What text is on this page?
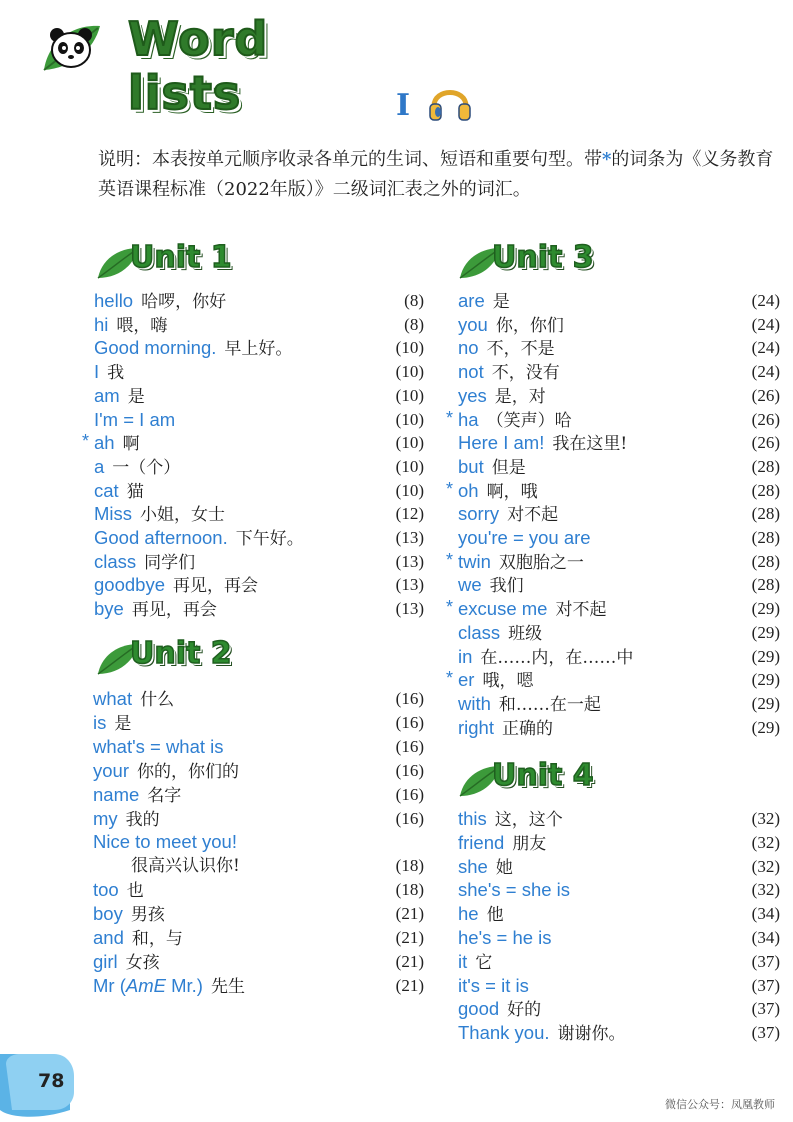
Word lists	I
说明：本表按单元顺序收录各单元的生词、短语和重要句型。带*的词条为《义务教育英语课程标准（2022年版）》二级词汇表之外的词汇。
Unit 1
hello 哈啰，你好	(8)
hi 喂，嗨	(8)
Good morning. 早上好。	(10)
I 我	(10)
am 是	(10)
I'm = I am	(10)
* ah 啊	(10)
a 一（个）	(10)
cat 猫	(10)
Miss 小姐，女士	(12)
Good afternoon. 下午好。	(13)
class 同学们	(13)
goodbye 再见，再会	(13)
bye 再见，再会	(13)
Unit 2
what 什么	(16)
is 是	(16)
what's = what is	(16)
your 你的，你们的	(16)
name 名字	(16)
my 我的	(16)
Nice to meet you!
很高兴认识你!	(18)
too 也	(18)
boy 男孩	(21)
and 和，与	(21)
girl 女孩	(21)
Mr (AmE Mr.) 先生	(21)
Unit 3
are 是	(24)
you 你，你们	(24)
no 不，不是	(24)
not 不，没有	(24)
yes 是，对	(26)
* ha （笑声）哈	(26)
Here I am! 我在这里!	(26)
but 但是	(28)
* oh 啊，哦	(28)
sorry 对不起	(28)
you're = you are	(28)
* twin 双胞胎之一	(28)
we 我们	(28)
* excuse me 对不起	(29)
class 班级	(29)
in 在……内，在……中	(29)
* er 哦，嗯	(29)
with 和……在一起	(29)
right 正确的	(29)
Unit 4
this 这，这个	(32)
friend 朋友	(32)
she 她	(32)
she's = she is	(32)
he 他	(34)
he's = he is	(34)
it 它	(37)
it's = it is	(37)
good 好的	(37)
Thank you. 谢谢你。	(37)
78
微信公众号：凤凰教师
